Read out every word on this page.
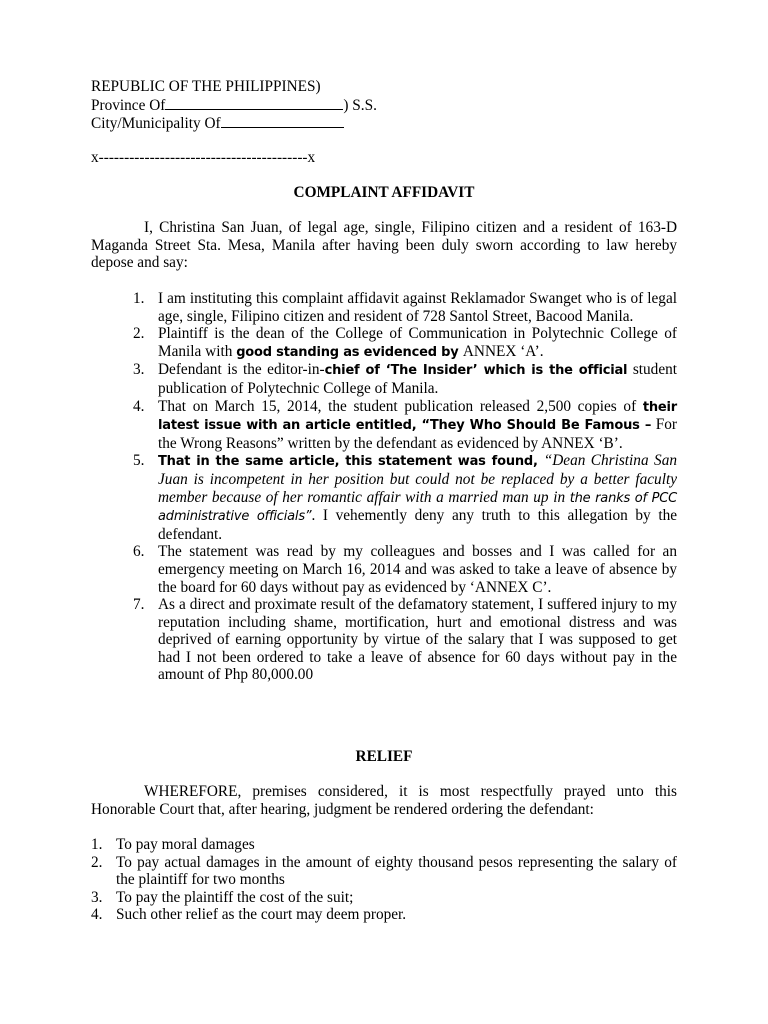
REPUBLIC OF THE PHILIPPINES)
Province Of	) S.S.
City/Municipality Of
x-----------------------------------------x
COMPLAINT AFFIDAVIT
I, Christina San Juan, of legal age, single, Filipino citizen and a resident of 163-D Maganda Street Sta. Mesa, Manila after having been duly sworn according to law hereby depose and say:
1. I am instituting this complaint affidavit against Reklamador Swanget who is of legal age, single, Filipino citizen and resident of 728 Santol Street, Bacood Manila.
2. Plaintiff is the dean of the College of Communication in Polytechnic College of Manila with good standing as evidenced by ANNEX ‘A’.
3. Defendant is the editor-in-chief of ‘The Insider’ which is the official student publication of Polytechnic College of Manila.
4. That on March 15, 2014, the student publication released 2,500 copies of their latest issue with an article entitled, “They Who Should Be Famous – For the Wrong Reasons” written by the defendant as evidenced by ANNEX ‘B’.
5. That in the same article, this statement was found, “Dean Christina San Juan is incompetent in her position but could not be replaced by a better faculty member because of her romantic affair with a married man up in the ranks of PCC administrative officials”. I vehemently deny any truth to this allegation by the defendant.
6. The statement was read by my colleagues and bosses and I was called for an emergency meeting on March 16, 2014 and was asked to take a leave of absence by the board for 60 days without pay as evidenced by ‘ANNEX C’.
7. As a direct and proximate result of the defamatory statement, I suffered injury to my reputation including shame, mortification, hurt and emotional distress and was deprived of earning opportunity by virtue of the salary that I was supposed to get had I not been ordered to take a leave of absence for 60 days without pay in the amount of Php 80,000.00
RELIEF
WHEREFORE, premises considered, it is most respectfully prayed unto this Honorable Court that, after hearing, judgment be rendered ordering the defendant:
1. To pay moral damages
2. To pay actual damages in the amount of eighty thousand pesos representing the salary of the plaintiff for two months
3. To pay the plaintiff the cost of the suit;
4. Such other relief as the court may deem proper.
